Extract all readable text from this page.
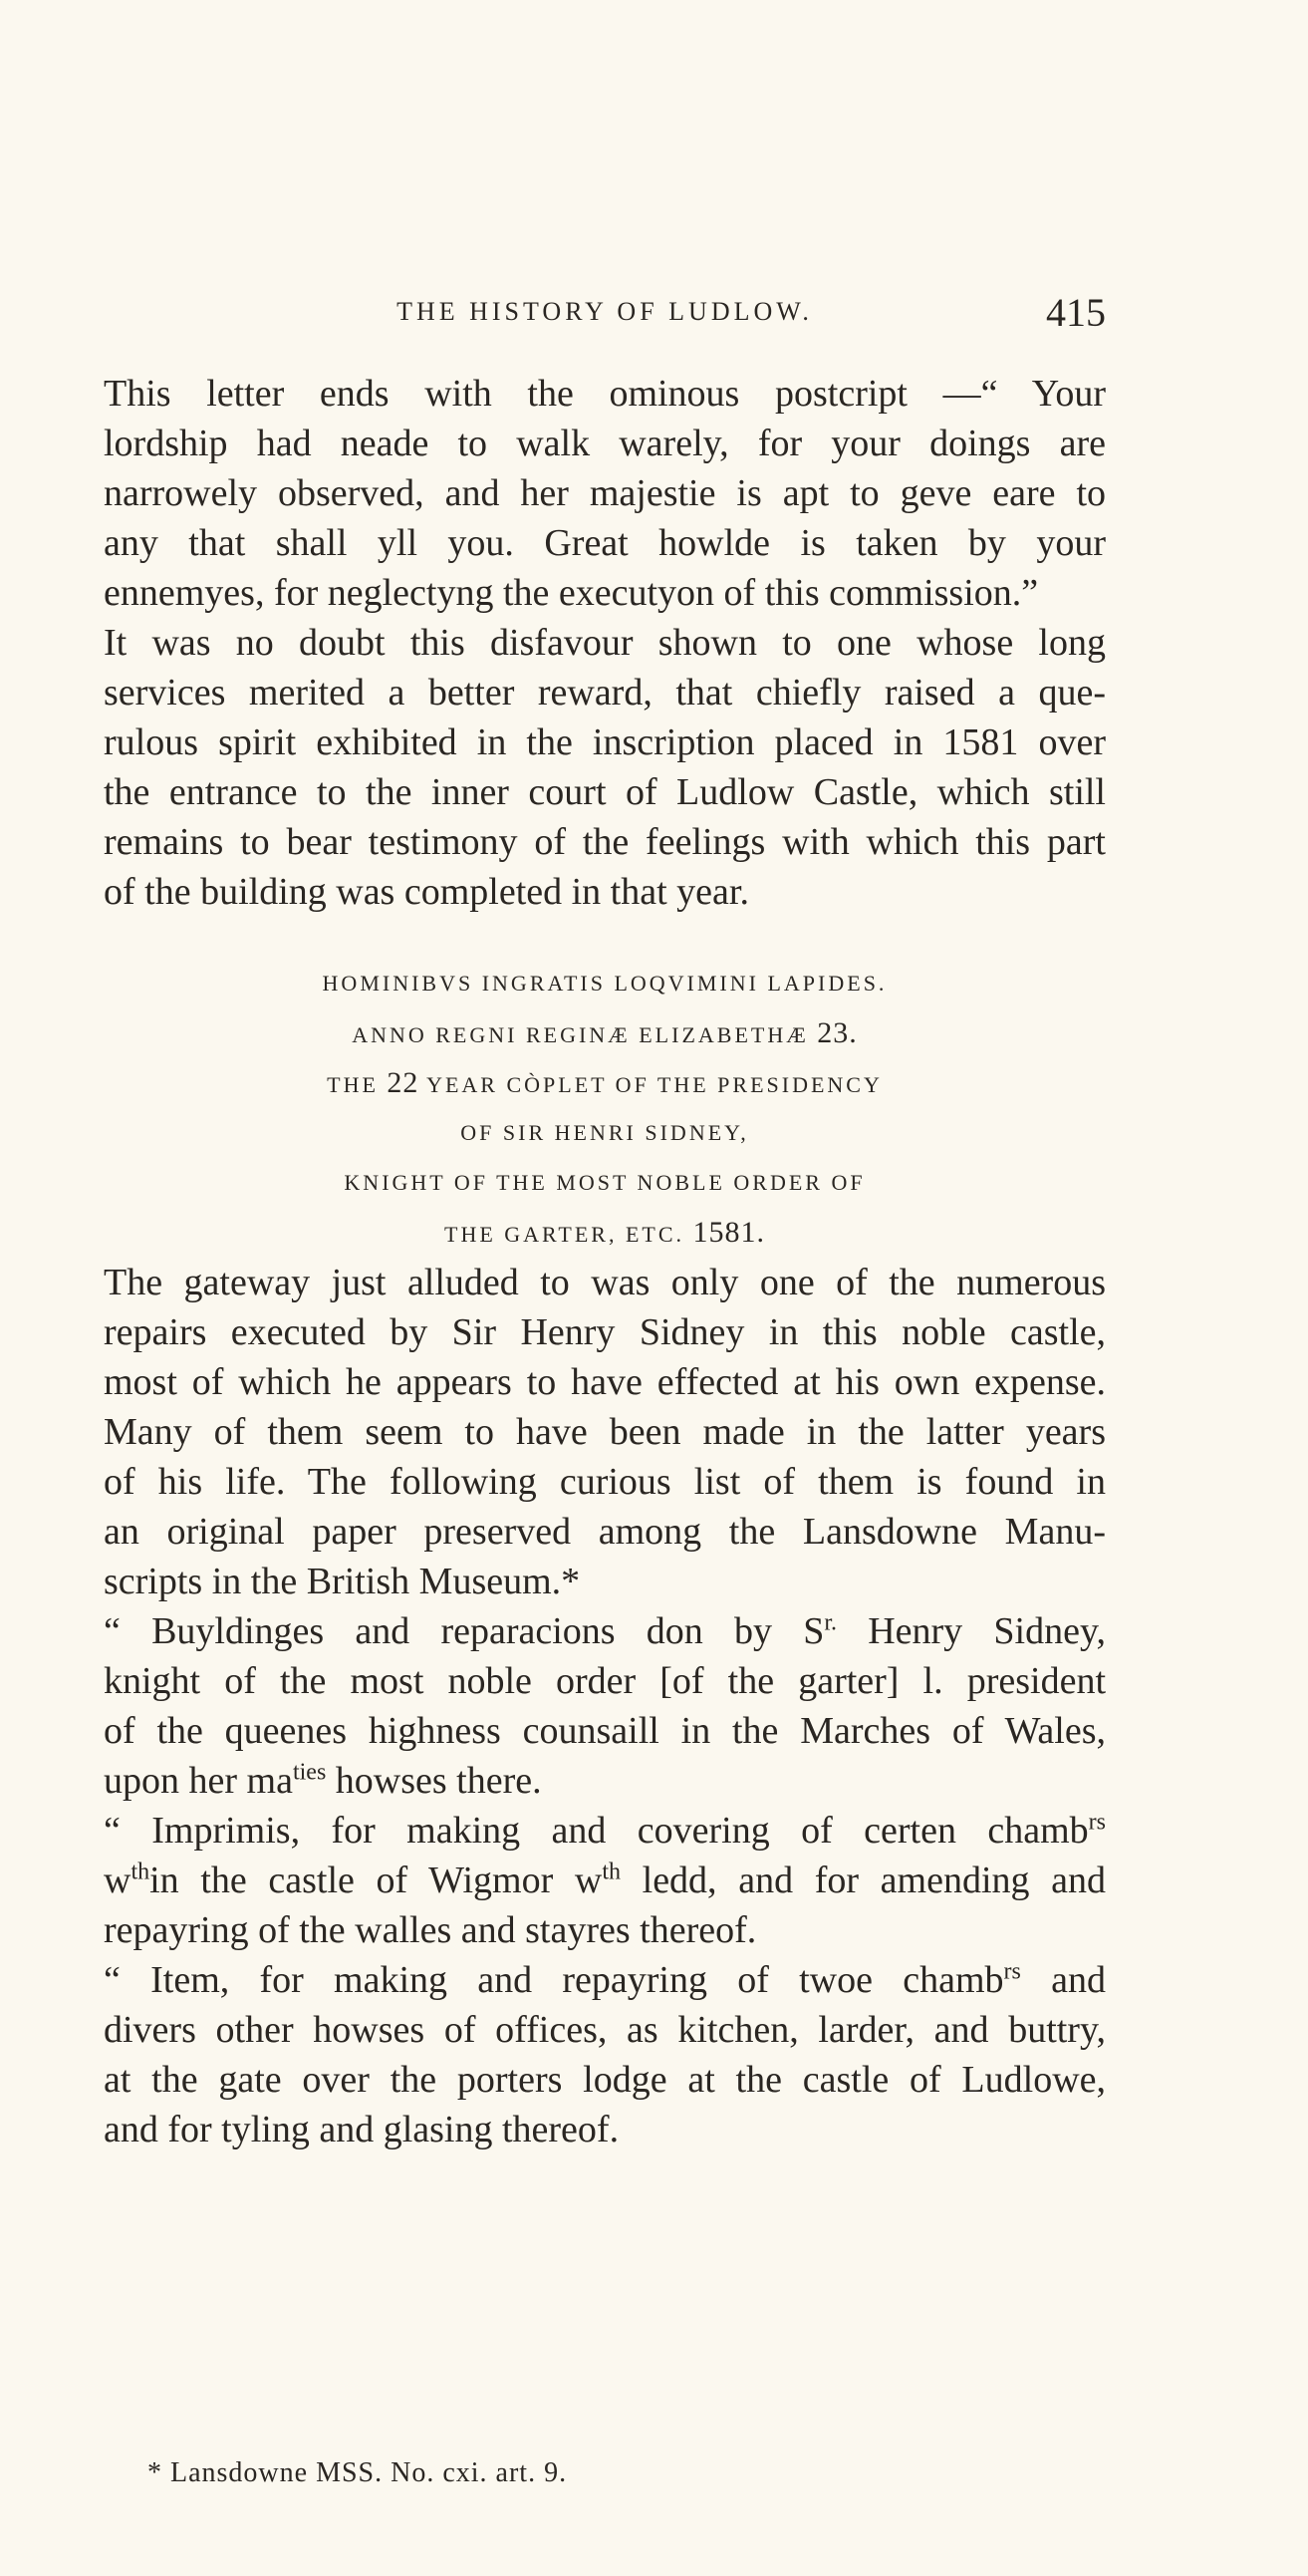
THE HISTORY OF LUDLOW.	415
This letter ends with the ominous postcript —“ Your
lordship had neade to walk warely, for your doings are
narrowely observed, and her majestie is apt to geve eare to
any that shall yll you. Great howlde is taken by your
ennemyes, for neglectyng the executyon of this commission.”
It was no doubt this disfavour shown to one whose long
services merited a better reward, that chiefly raised a que-
rulous spirit exhibited in the inscription placed in 1581 over
the entrance to the inner court of Ludlow Castle, which still
remains to bear testimony of the feelings with which this part
of the building was completed in that year.
HOMINIBVS INGRATIS LOQVIMINI LAPIDES.
ANNO REGNI REGINÆ ELIZABETHÆ 23.
THE 22 YEAR CÒPLET OF THE PRESIDENCY
OF SIR HENRI SIDNEY,
KNIGHT OF THE MOST NOBLE ORDER OF
THE GARTER, ETC. 1581.
The gateway just alluded to was only one of the numerous
repairs executed by Sir Henry Sidney in this noble castle,
most of which he appears to have effected at his own expense.
Many of them seem to have been made in the latter years
of his life. The following curious list of them is found in
an original paper preserved among the Lansdowne Manu-
scripts in the British Museum.*
“ Buyldinges and reparacions don by $S^{r.}$ Henry Sidney,
knight of the most noble order [of the garter] l. president
of the queenes highness counsaill in the Marches of Wales,
upon her $ma^{ties}$ howses there.
“ Imprimis, for making and covering of certen chamb$^{rs}$
$w^{th}in$ the castle of Wigmor $w^{th}$ ledd, and for amending and
repayring of the walles and stayres thereof.
“ Item, for making and repayring of twoe chamb$^{rs}$ and
divers other howses of offices, as kitchen, larder, and buttry,
at the gate over the porters lodge at the castle of Ludlowe,
and for tyling and glasing thereof.
* Lansdowne MSS. No. cxi. art. 9.
